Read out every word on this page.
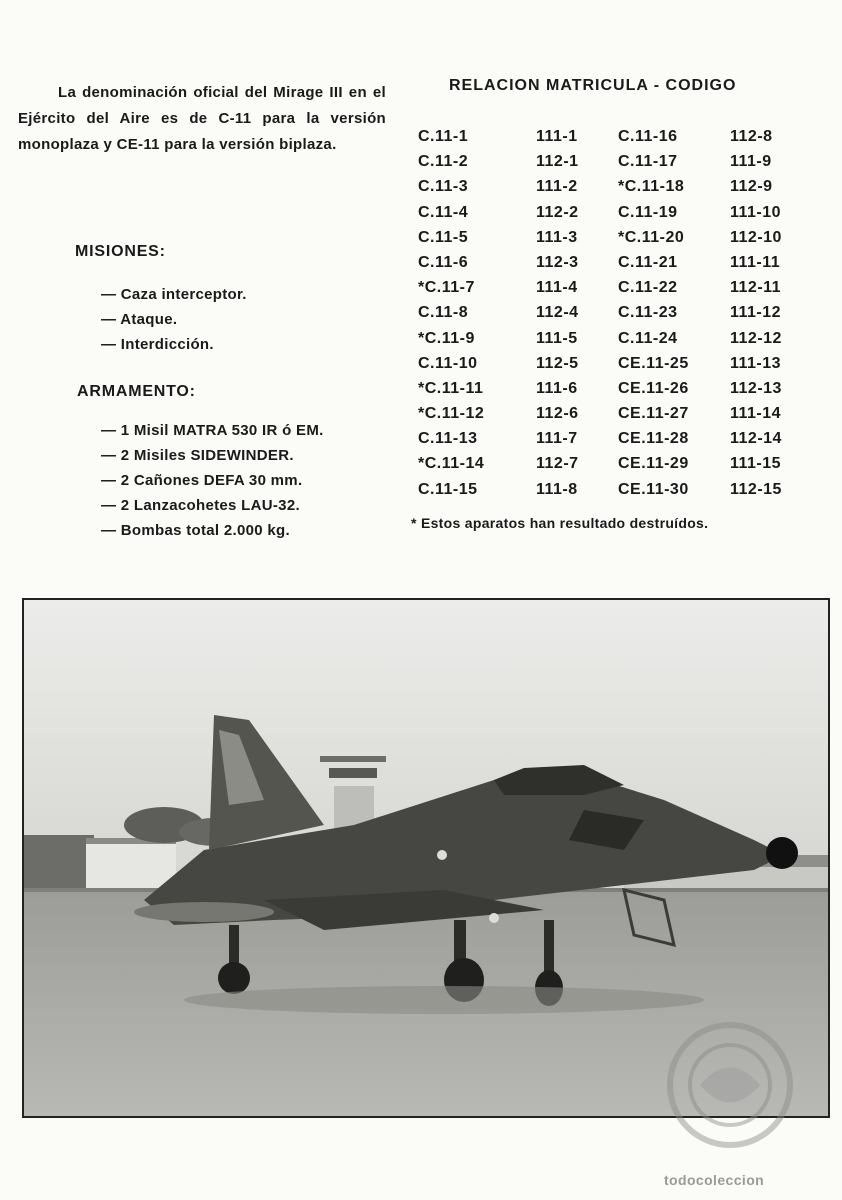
La denominación oficial del Mirage III en el Ejército del Aire es de C-11 para la versión monoplaza y CE-11 para la versión biplaza.

MISIONES:
— Caza interceptor.
— Ataque.
— Interdicción.
ARMAMENTO:
— 1 Misil MATRA 530 IR ó EM.
— 2 Misiles SIDEWINDER.
— 2 Cañones DEFA 30 mm.
— 2 Lanzacohetes LAU-32.
— Bombas total 2.000 kg.
RELACION MATRICULA - CODIGO
C.11-1	111-1	C.11-16	112-8
C.11-2	112-1	C.11-17	111-9
C.11-3	111-2	*C.11-18	112-9
C.11-4	112-2	C.11-19	111-10
C.11-5	111-3	*C.11-20	112-10
C.11-6	112-3	C.11-21	111-11
*C.11-7	111-4	C.11-22	112-11
C.11-8	112-4	C.11-23	111-12
*C.11-9	111-5	C.11-24	112-12
C.11-10	112-5	CE.11-25	111-13
*C.11-11	111-6	CE.11-26	112-13
*C.11-12	112-6	CE.11-27	111-14
C.11-13	111-7	CE.11-28	112-14
*C.11-14	112-7	CE.11-29	111-15
C.11-15	111-8	CE.11-30	112-15
* Estos aparatos han resultado destruídos.
todocoleccion
